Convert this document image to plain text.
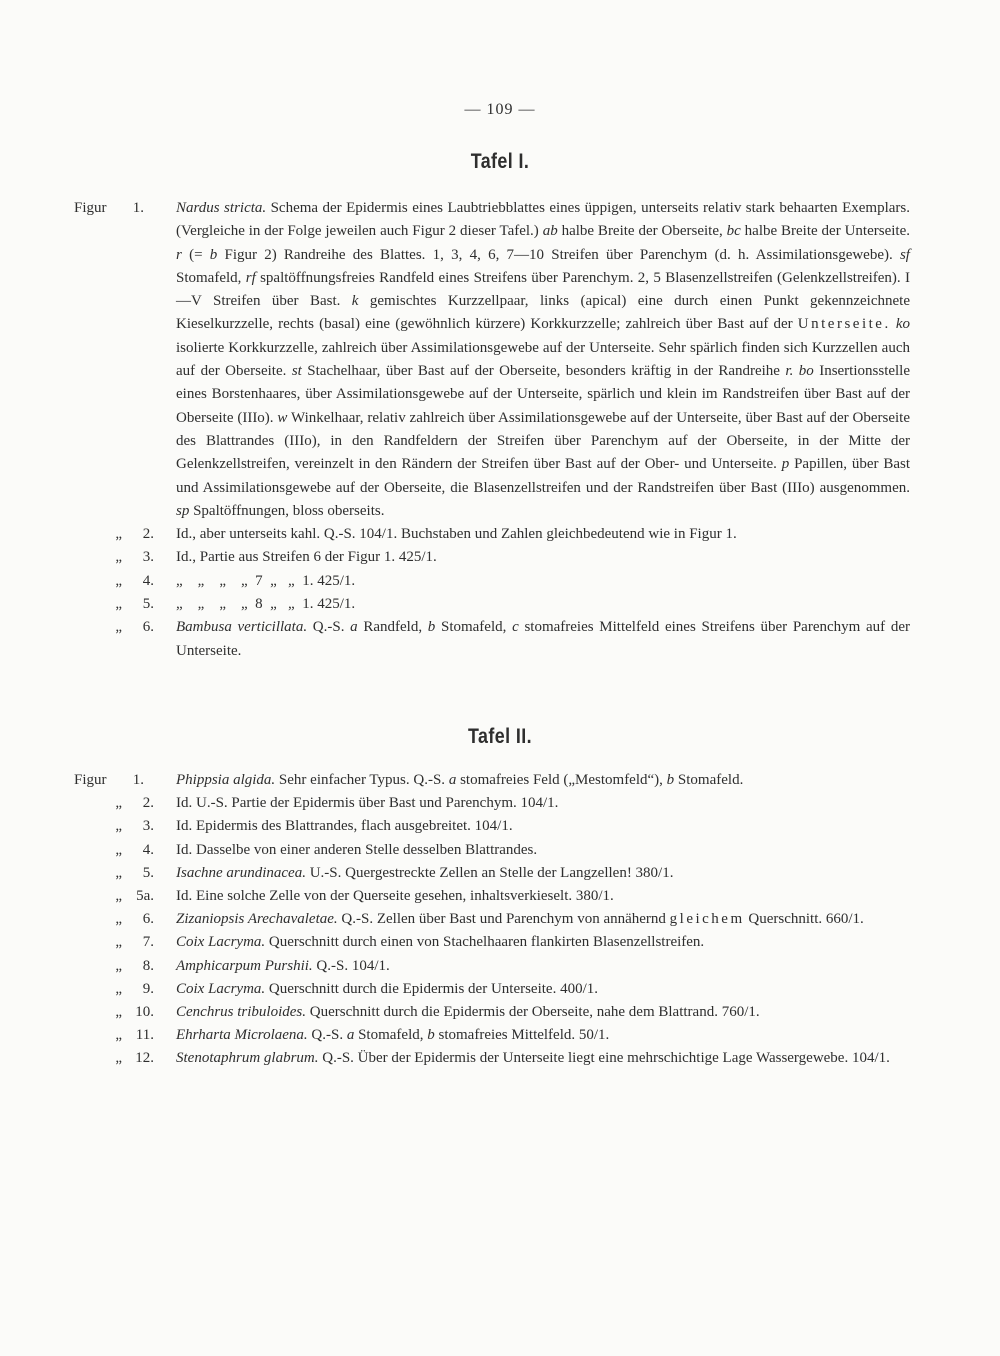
— 109 —
Tafel I.
Figur 1.	Nardus stricta. Schema der Epidermis eines Laubtriebblattes eines üppigen, unterseits relativ stark behaarten Exemplars. (Vergleiche in der Folge jeweilen auch Figur 2 dieser Tafel.) ab halbe Breite der Oberseite, bc halbe Breite der Unterseite. r (= b Figur 2) Randreihe des Blattes. 1, 3, 4, 6, 7—10 Streifen über Parenchym (d. h. Assimilationsgewebe). sf Stomafeld, rf spaltöffnungsfreies Randfeld eines Streifens über Parenchym. 2, 5 Blasenzellstreifen (Gelenkzellstreifen). I—V Streifen über Bast. k gemischtes Kurzzellpaar, links (apical) eine durch einen Punkt gekennzeichnete Kieselkurzzelle, rechts (basal) eine (gewöhnlich kürzere) Korkkurzzelle; zahlreich über Bast auf der Unterseite. ko isolierte Korkkurzzelle, zahlreich über Assimilationsgewebe auf der Unterseite. Sehr spärlich finden sich Kurzzellen auch auf der Oberseite. st Stachelhaar, über Bast auf der Oberseite, besonders kräftig in der Randreihe r. bo Insertionsstelle eines Borstenhaares, über Assimilationsgewebe auf der Unterseite, spärlich und klein im Randstreifen über Bast auf der Oberseite (IIIo). w Winkelhaar, relativ zahlreich über Assimilationsgewebe auf der Unterseite, über Bast auf der Oberseite des Blattrandes (IIIo), in den Randfeldern der Streifen über Parenchym auf der Oberseite, in der Mitte der Gelenkzellstreifen, vereinzelt in den Rändern der Streifen über Bast auf der Ober- und Unterseite. p Papillen, über Bast und Assimilationsgewebe auf der Oberseite, die Blasenzellstreifen und der Randstreifen über Bast (IIIo) ausgenommen. sp Spaltöffnungen, bloss oberseits.
„ 2. Id., aber unterseits kahl. Q.-S. 104/1. Buchstaben und Zahlen gleichbedeutend wie in Figur 1.
„ 3. Id., Partie aus Streifen 6 der Figur 1. 425/1.
„ 4. „    „    „    „  7  „   „  1. 425/1.
„ 5. „    „    „    „  8  „   „  1. 425/1.
„ 6. Bambusa verticillata. Q.-S. a Randfeld, b Stomafeld, c stomafreies Mittelfeld eines Streifens über Parenchym auf der Unterseite.
Tafel II.
Figur 1.	Phippsia algida. Sehr einfacher Typus. Q.-S. a stomafreies Feld („Mestomfeld“), b Stomafeld.
„ 2. Id. U.-S. Partie der Epidermis über Bast und Parenchym. 104/1.
„ 3. Id. Epidermis des Blattrandes, flach ausgebreitet. 104/1.
„ 4. Id. Dasselbe von einer anderen Stelle desselben Blattrandes.
„ 5. Isachne arundinacea. U.-S. Quergestreckte Zellen an Stelle der Langzellen! 380/1.
„ 5a. Id. Eine solche Zelle von der Querseite gesehen, inhaltsverkieselt. 380/1.
„ 6. Zizaniopsis Arechavaletae. Q.-S. Zellen über Bast und Parenchym von annähernd gleichem Querschnitt. 660/1.
„ 7. Coix Lacryma. Querschnitt durch einen von Stachelhaaren flankirten Blasenzellstreifen.
„ 8. Amphicarpum Purshii. Q.-S. 104/1.
„ 9. Coix Lacryma. Querschnitt durch die Epidermis der Unterseite. 400/1.
„ 10. Cenchrus tribuloides. Querschnitt durch die Epidermis der Oberseite, nahe dem Blattrand. 760/1.
„ 11. Ehrharta Microlaena. Q.-S. a Stomafeld, b stomafreies Mittelfeld. 50/1.
„ 12. Stenotaphrum glabrum. Q.-S. Über der Epidermis der Unterseite liegt eine mehrschichtige Lage Wassergewebe. 104/1.
